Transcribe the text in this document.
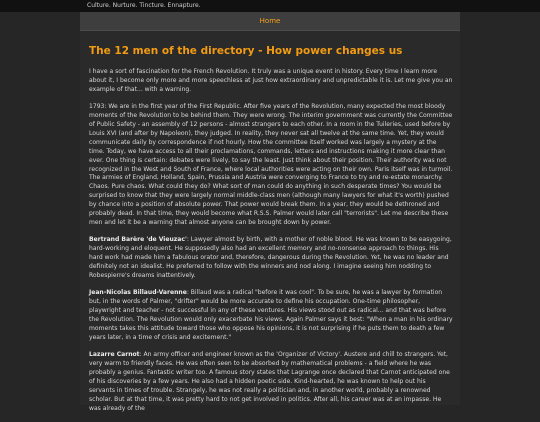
Culture. Nurture. Tincture. Ennapture.
Home
The 12 men of the directory - How power changes us

I have a sort of fascination for the French Revolution. It truly was a unique event in history. Every time I learn more about it, I become only more and more speechless at just how extraordinary and unpredictable it is. Let me give you an example of that... with a warning.

1793: We are in the first year of the First Republic. After five years of the Revolution, many expected the most bloody moments of the Revolution to be behind them. They were wrong. The interim government was currently the Committee of Public Safety - an assembly of 12 persons - almost strangers to each other. In a room in the Tuileries, used before by Louis XVI (and after by Napoleon), they judged. In reality, they never sat all twelve at the same time. Yet, they would communicate daily by correspondence if not hourly. How the committee itself worked was largely a mystery at the time. Today, we have access to all their proclamations, commands, letters and instructions making it more clear than ever. One thing is certain: debates were lively, to say the least. Just think about their position. Their authority was not recognized in the West and South of France, where local authorities were acting on their own. Paris itself was in turmoil. The armies of England, Holland, Spain, Prussia and Austria were converging to France to try and re-estate monarchy. Chaos. Pure chaos. What could they do? What sort of man could do anything in such desperate times? You would be surprised to know that they were largely normal middle-class men (although many lawyers for what it's worth) pushed by chance into a position of absolute power. That power would break them. In a year, they would be dethroned and probably dead. In that time, they would become what R.S.S. Palmer would later call "terrorists". Let me describe these men and let it be a warning that almost anyone can be brought down by power.

Bertrand Barère 'de Vieuzac': Lawyer almost by birth, with a mother of noble blood. He was known to be easygoing, hard-working and eloquent. He supposedly also had an excellent memory and no-nonsense approach to things. His hard work had made him a fabulous orator and, therefore, dangerous during the Revolution. Yet, he was no leader and definitely not an idealist. He preferred to follow with the winners and nod along. I imagine seeing him nodding to Robespierre's dreams inattentively.

Jean-Nicolas Billaud-Varenne: Billaud was a radical "before it was cool". To be sure, he was a lawyer by formation but, in the words of Palmer, "drifter" would be more accurate to define his occupation. One-time philosopher, playwright and teacher - not successful in any of these ventures. His views stood out as radical... and that was before the Revolution. The Revolution would only exacerbate his views. Again Palmer says it best: "When a man in his ordinary moments takes this attitude toward those who oppose his opinions, it is not surprising if he puts them to death a few years later, in a time of crisis and excitement."

Lazarre Carnot: An army officer and engineer known as the 'Organizer of Victory'. Austere and chill to strangers. Yet, very warm to friendly faces. He was often seen to be absorbed by mathematical problems - a field where he was probably a genius. Fantastic writer too. A famous story states that Lagrange once declared that Carnot anticipated one of his discoveries by a few years. He also had a hidden poetic side. Kind-hearted, he was known to help out his servants in times of trouble. Strangely, he was not really a politician and, in another world, probably a renowned scholar. But at that time, it was pretty hard to not get involved in politics. After all, his career was at an impasse. He was already of the
